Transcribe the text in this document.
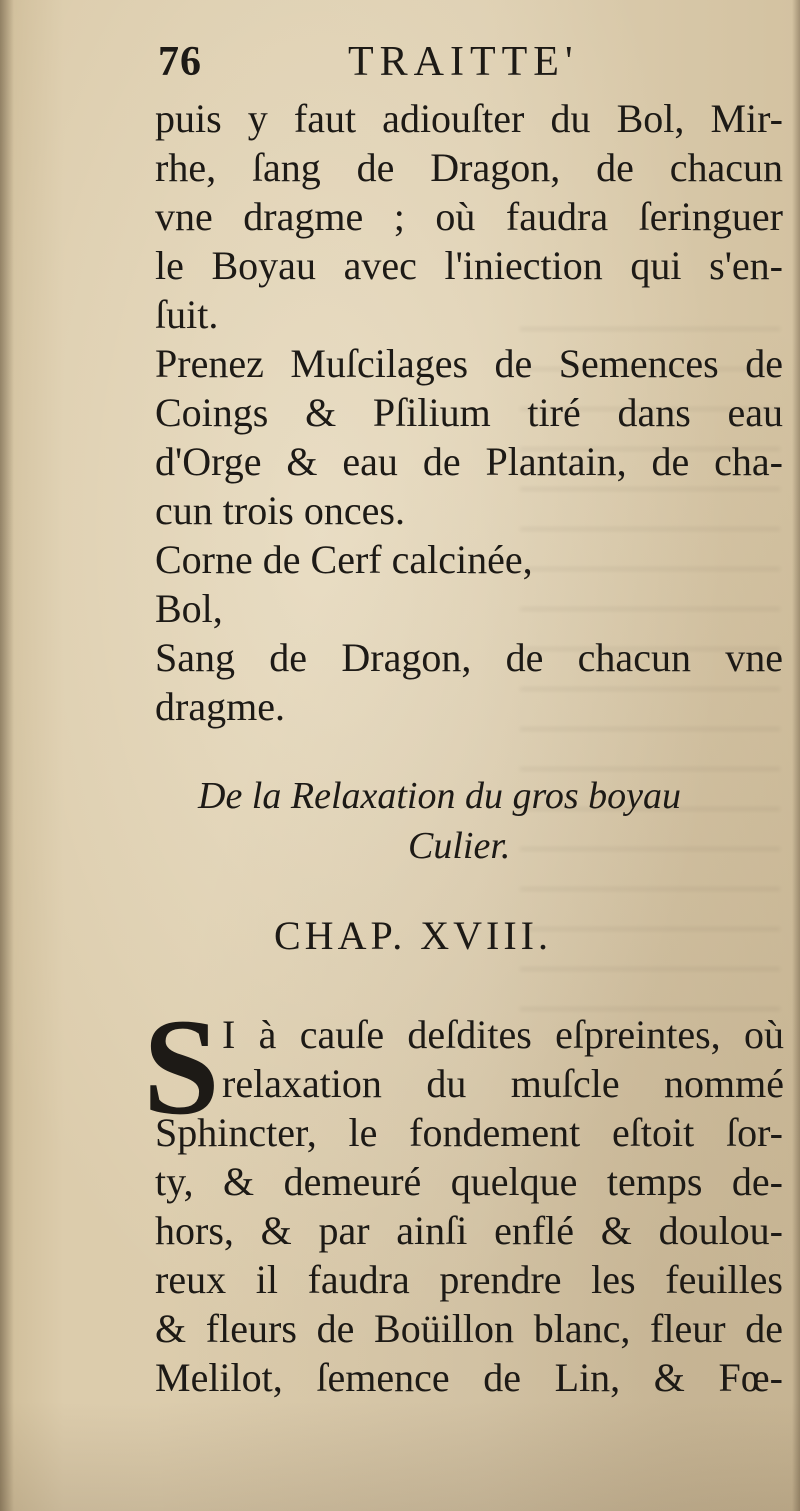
76	TRAITTE'
puis y faut adiouſter du Bol, Mir-
rhe, ſang de Dragon, de chacun
vne dragme ; où faudra ſeringuer
le Boyau avec l'iniection qui s'en-
ſuit.
Prenez Muſcilages de Semences de
Coings & Pſilium tiré dans eau
d'Orge & eau de Plantain, de cha-
cun trois onces.
Corne de Cerf calcinée,
Bol,
Sang de Dragon, de chacun vne
dragme.
De la Relaxation du gros boyau
Culier.
CHAP. XVIII.
S I à cauſe deſdites eſpreintes, où
relaxation du muſcle nommé
Sphincter, le fondement eſtoit ſor-
ty, & demeuré quelque temps de-
hors, & par ainſi enflé & doulou-
reux il faudra prendre les feuilles
& fleurs de Boüillon blanc, fleur de
Melilot, ſemence de Lin, & Fœ-
